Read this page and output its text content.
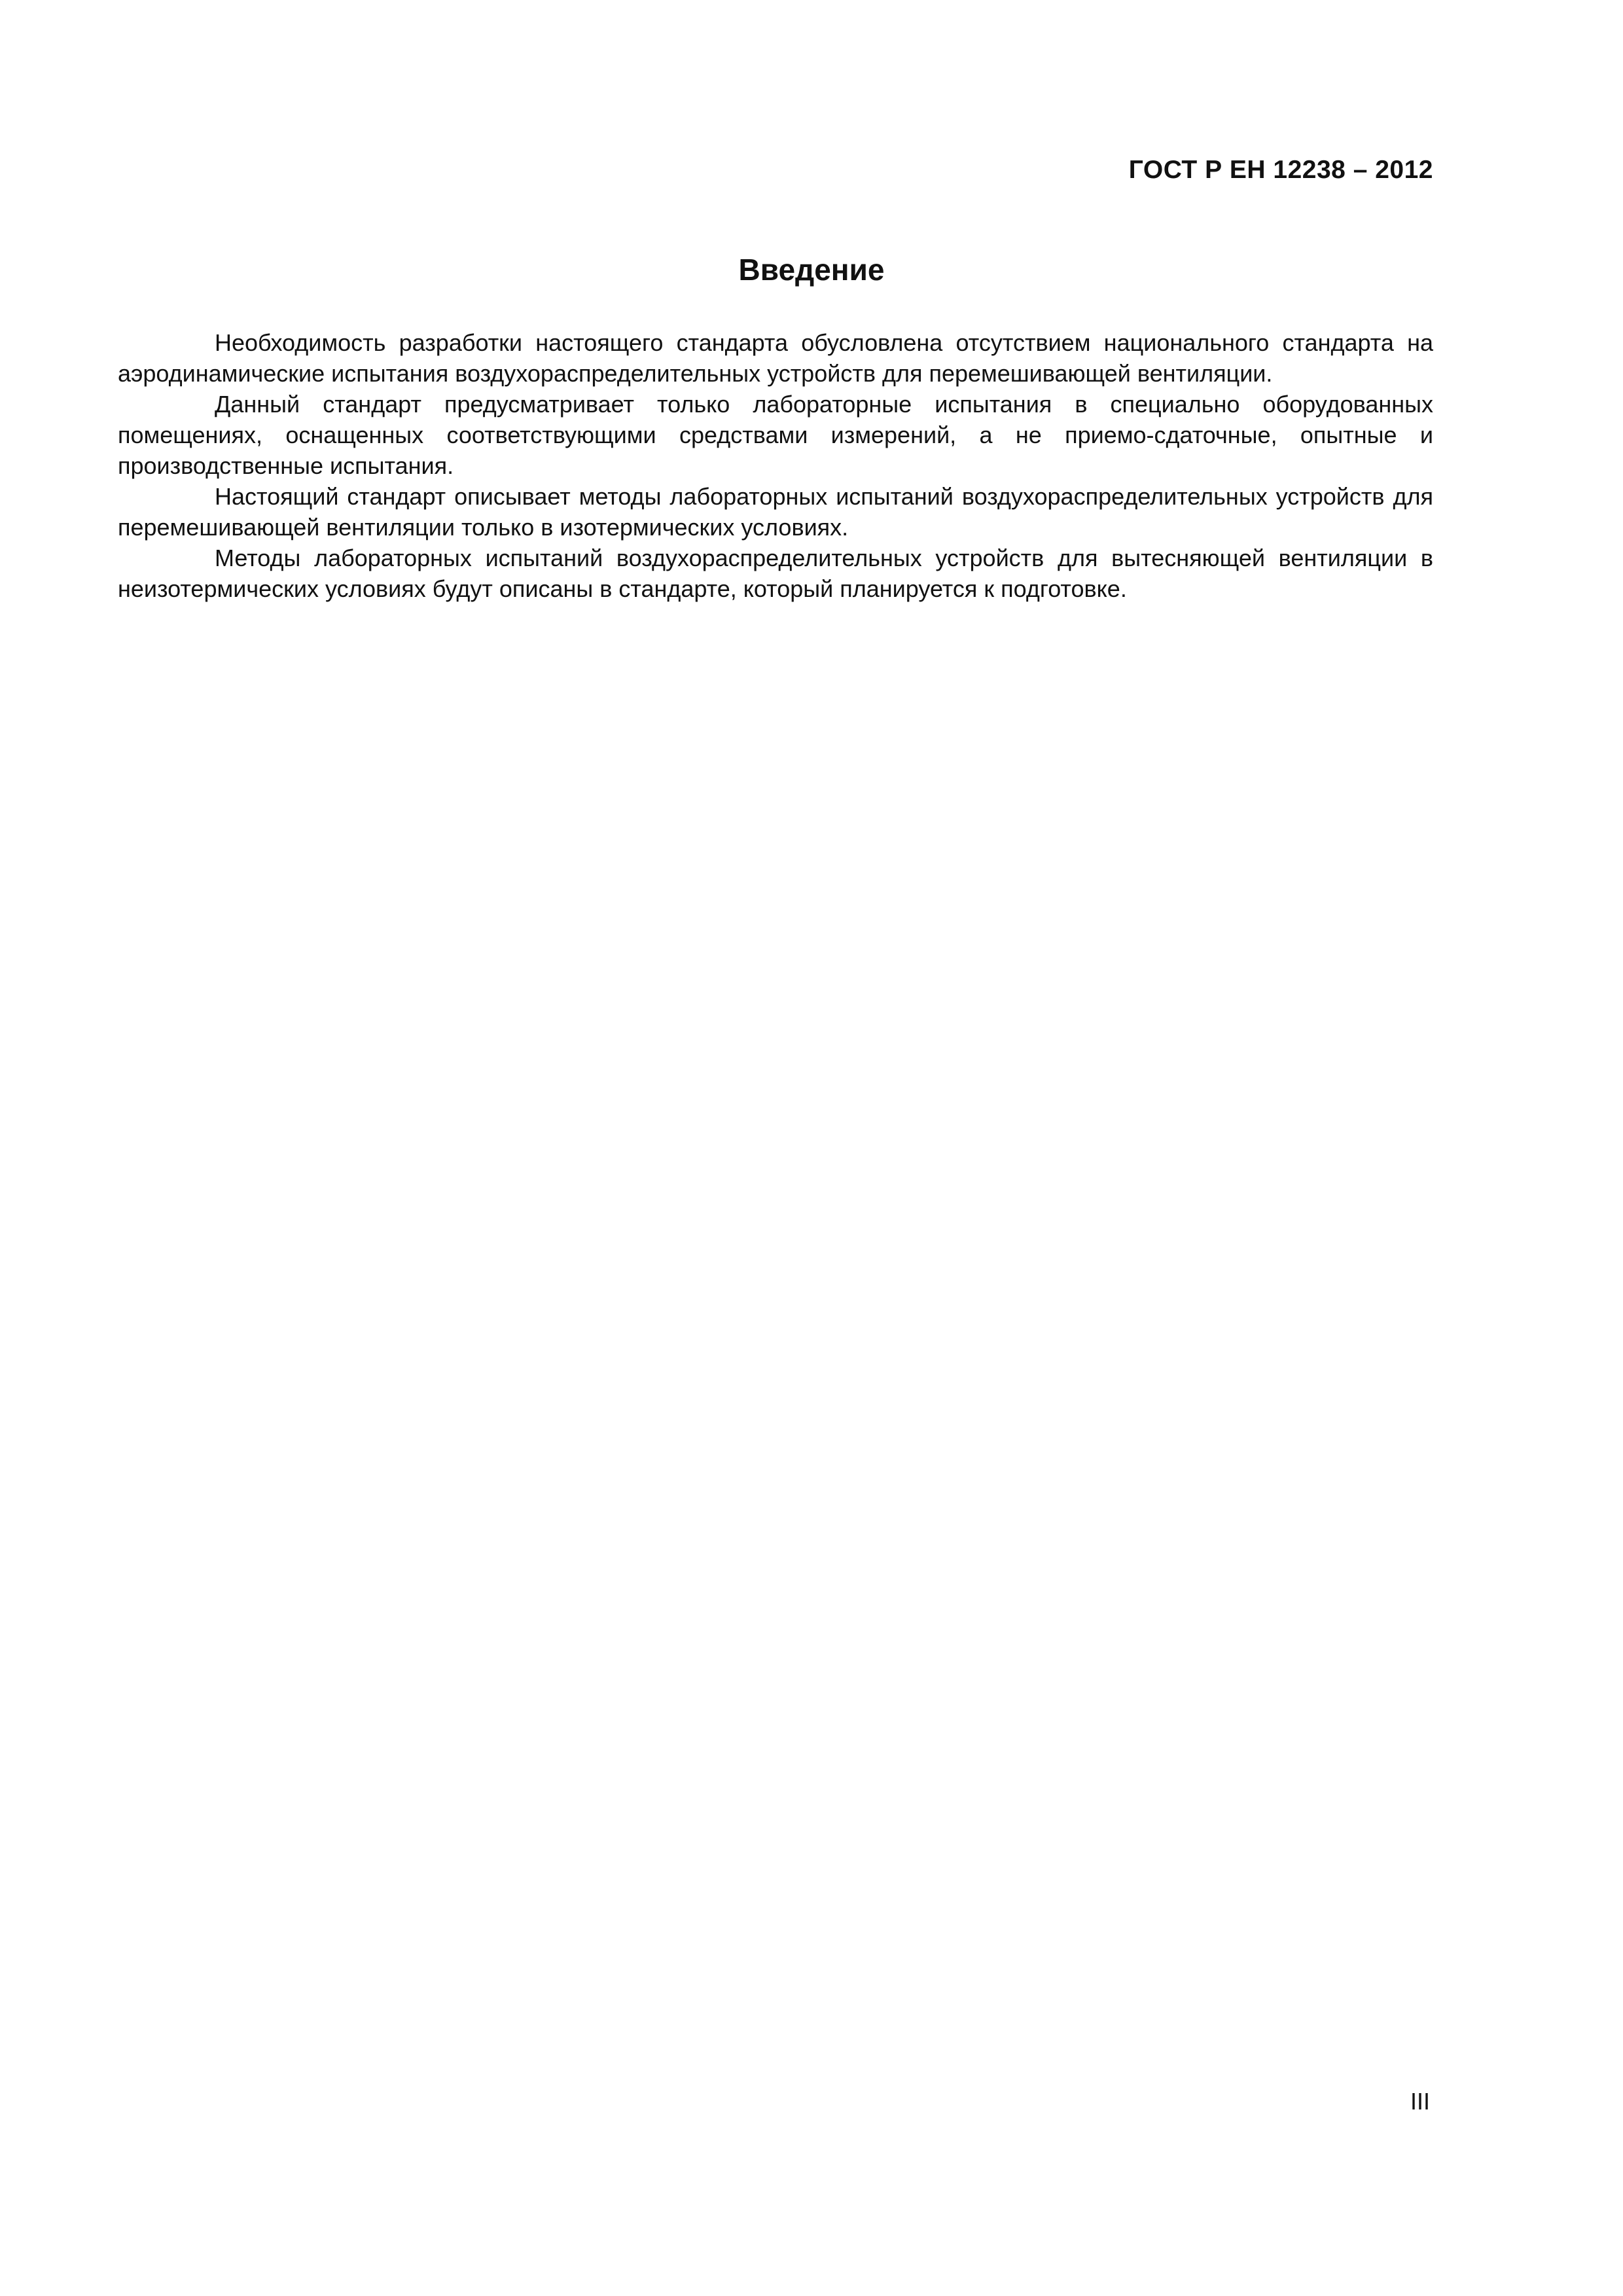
ГОСТ Р ЕН 12238 – 2012
Введение

Необходимость разработки настоящего стандарта обусловлена отсутствием национального стандарта на аэродинамические испытания воздухораспределительных устройств для перемешивающей вентиляции.

Данный стандарт предусматривает только лабораторные испытания в специально оборудованных помещениях, оснащенных соответствующими средствами измерений, а не приемо-сдаточные, опытные и производственные испытания.

Настоящий стандарт описывает методы лабораторных испытаний воздухораспределительных устройств для перемешивающей вентиляции только в изотермических условиях.

Методы лабораторных испытаний воздухораспределительных устройств для вытесняющей вентиляции в неизотермических условиях будут описаны в стандарте, который планируется к подготовке.

III
